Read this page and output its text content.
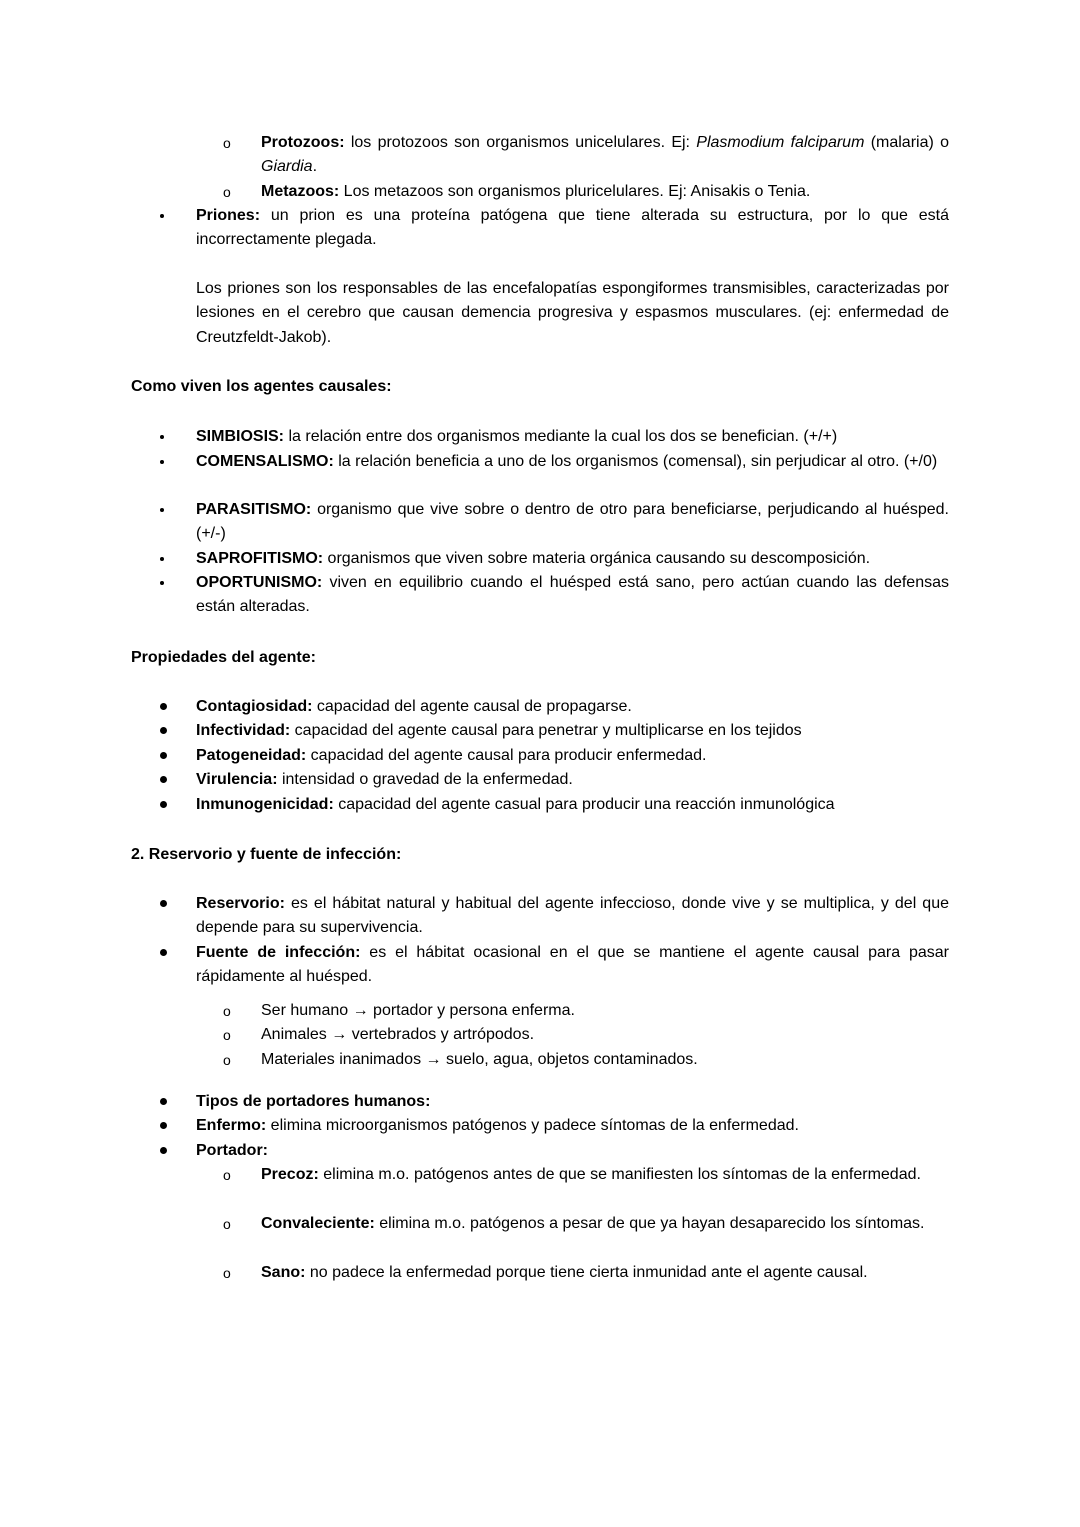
o	Protozoos: los protozoos son organismos unicelulares. Ej: Plasmodium falciparum (malaria) o Giardia.
o	Metazoos: Los metazoos son organismos pluricelulares. Ej: Anisakis o Tenia.
Priones: un prion es una proteína patógena que tiene alterada su estructura, por lo que está incorrectamente plegada.
Los priones son los responsables de las encefalopatías espongiformes transmisibles, caracterizadas por lesiones en el cerebro que causan demencia progresiva y espasmos musculares. (ej: enfermedad de Creutzfeldt-Jakob).
Como viven los agentes causales:
SIMBIOSIS: la relación entre dos organismos mediante la cual los dos se benefician. (+/+)
COMENSALISMO: la relación beneficia a uno de los organismos (comensal), sin perjudicar al otro. (+/0)
PARASITISMO: organismo que vive sobre o dentro de otro para beneficiarse, perjudicando al huésped. (+/-)
SAPROFITISMO: organismos que viven sobre materia orgánica causando su descomposición.
OPORTUNISMO: viven en equilibrio cuando el huésped está sano, pero actúan cuando las defensas están alteradas.
Propiedades del agente:
Contagiosidad: capacidad del agente causal de propagarse.
Infectividad: capacidad del agente causal para penetrar y multiplicarse en los tejidos
Patogeneidad: capacidad del agente causal para producir enfermedad.
Virulencia: intensidad o gravedad de la enfermedad.
Inmunogenicidad: capacidad del agente casual para producir una reacción inmunológica
2. Reservorio y fuente de infección:
Reservorio: es el hábitat natural y habitual del agente infeccioso, donde vive y se multiplica, y del que depende para su supervivencia.
Fuente de infección: es el hábitat ocasional en el que se mantiene el agente causal para pasar rápidamente al huésped.
o	Ser humano → portador y persona enferma.
o	Animales → vertebrados y artrópodos.
o	Materiales inanimados → suelo, agua, objetos contaminados.
Tipos de portadores humanos:
Enfermo: elimina microorganismos patógenos y padece síntomas de la enfermedad.
Portador:
o	Precoz: elimina m.o. patógenos antes de que se manifiesten los síntomas de la enfermedad.
o	Convaleciente: elimina m.o. patógenos a pesar de que ya hayan desaparecido los síntomas.
o	Sano: no padece la enfermedad porque tiene cierta inmunidad ante el agente causal.
